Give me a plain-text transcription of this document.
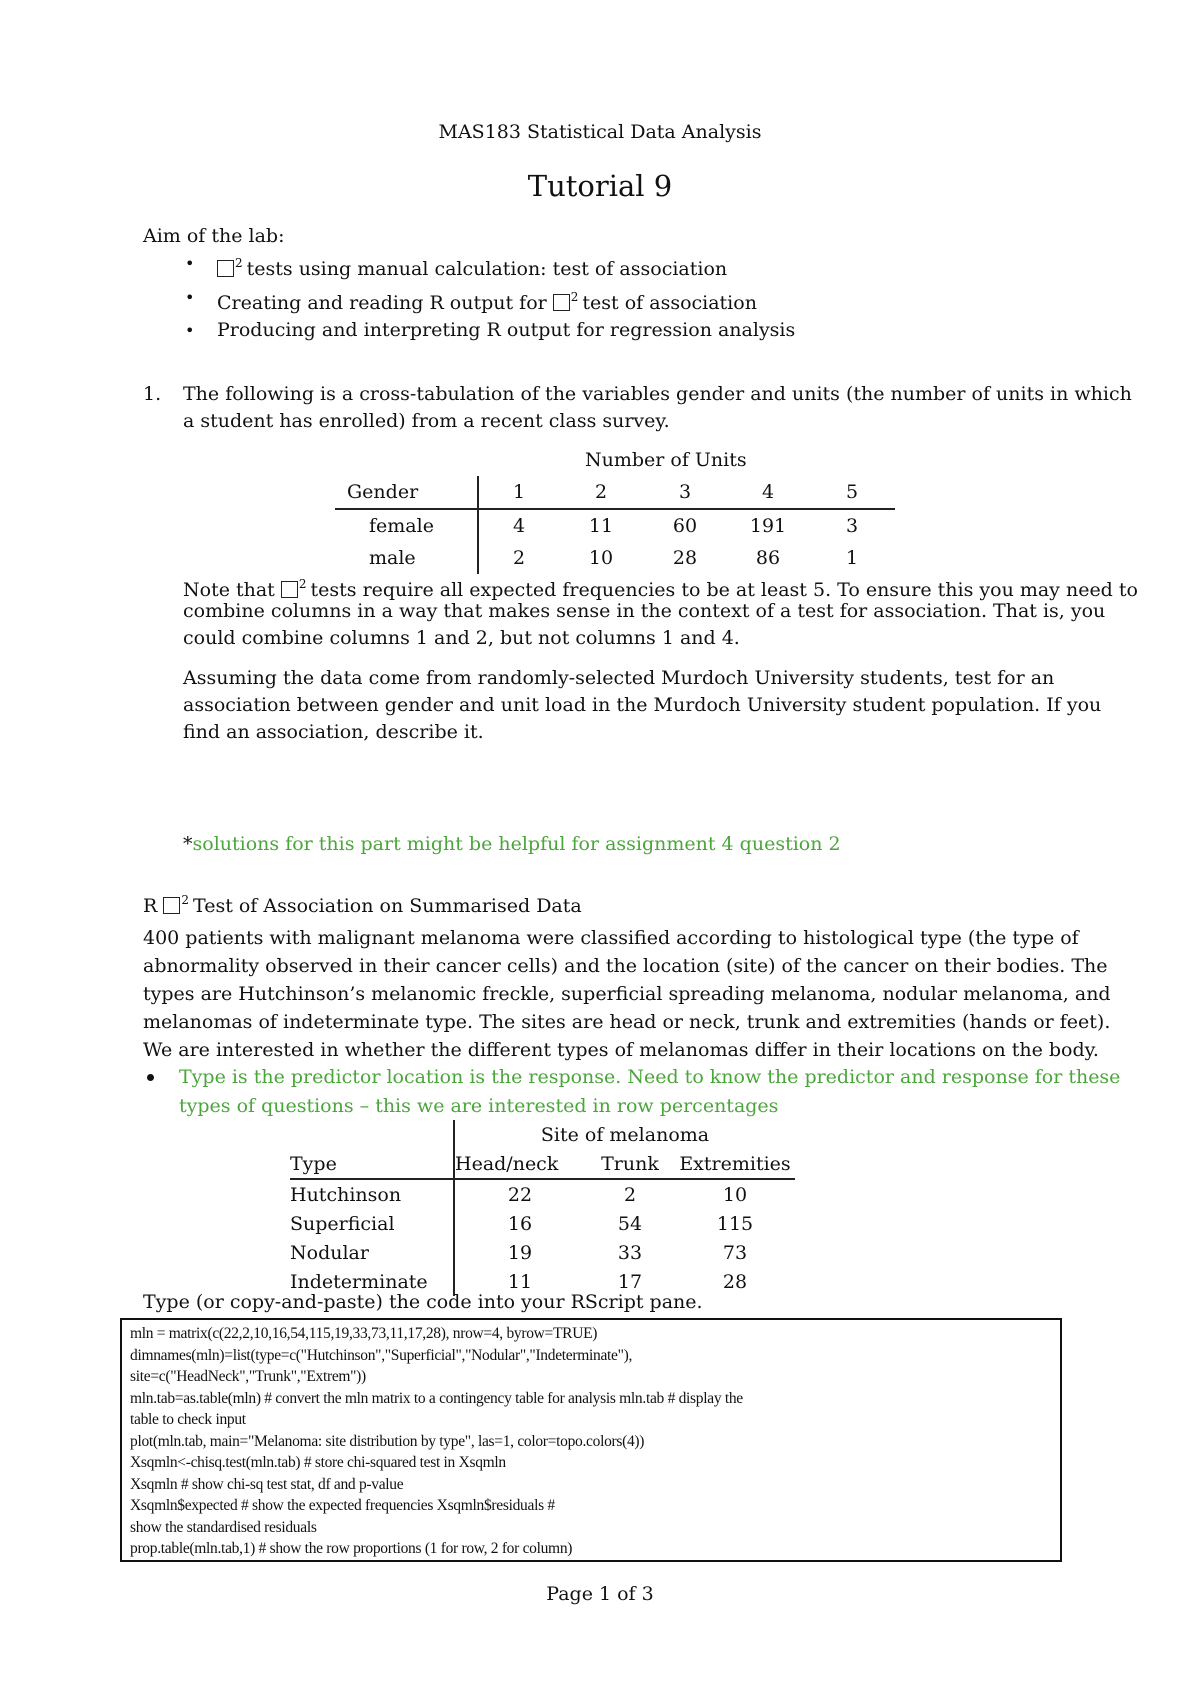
MAS183 Statistical Data Analysis
Tutorial 9
Aim of the lab:
•	$^2$ tests using manual calculation: test of association
• Creating and reading R output for $^2$ test of association
• Producing and interpreting R output for regression analysis
1. The following is a cross-tabulation of the variables gender and units (the number of units in which
a student has enrolled) from a recent class survey.
Number of Units
Gender	1	2	3	4	5
female	4	11	60	191	3
male	2	10	28	86	1
Note that $^2$ tests require all expected frequencies to be at least 5. To ensure this you may need to
combine columns in a way that makes sense in the context of a test for association. That is, you
could combine columns 1 and 2, but not columns 1 and 4.
Assuming the data come from randomly-selected Murdoch University students, test for an
association between gender and unit load in the Murdoch University student population. If you
find an association, describe it.
*solutions for this part might be helpful for assignment 4 question 2
R $^2$ Test of Association on Summarised Data
400 patients with malignant melanoma were classified according to histological type (the type of
abnormality observed in their cancer cells) and the location (site) of the cancer on their bodies. The
types are Hutchinson’s melanomic freckle, superficial spreading melanoma, nodular melanoma, and
melanomas of indeterminate type. The sites are head or neck, trunk and extremities (hands or feet).
We are interested in whether the different types of melanomas differ in their locations on the body.
Type is the predictor location is the response. Need to know the predictor and response for these
types of questions – this we are interested in row percentages
	Site of melanoma		
Type	Head/neck	Trunk	Extremities
Hutchinson	22	2	10
Superficial	16	54	115
Nodular	19	33	73
Indeterminate	11	17	28
Type (or copy-and-paste) the code into your RScript pane.
mln = matrix(c(22,2,10,16,54,115,19,33,73,11,17,28), nrow=4, byrow=TRUE)
dimnames(mln)=list(type=c("Hutchinson","Superficial","Nodular","Indeterminate"),
site=c("HeadNeck","Trunk","Extrem"))
mln.tab=as.table(mln) # convert the mln matrix to a contingency table for analysis mln.tab # display the
table to check input
plot(mln.tab, main="Melanoma: site distribution by type", las=1, color=topo.colors(4))
Xsqmln<-chisq.test(mln.tab) # store chi-squared test in Xsqmln
Xsqmln # show chi-sq test stat, df and p-value
Xsqmln$expected # show the expected frequencies Xsqmln$residuals #
show the standardised residuals
prop.table(mln.tab,1) # show the row proportions (1 for row, 2 for column)
Page 1 of 3
